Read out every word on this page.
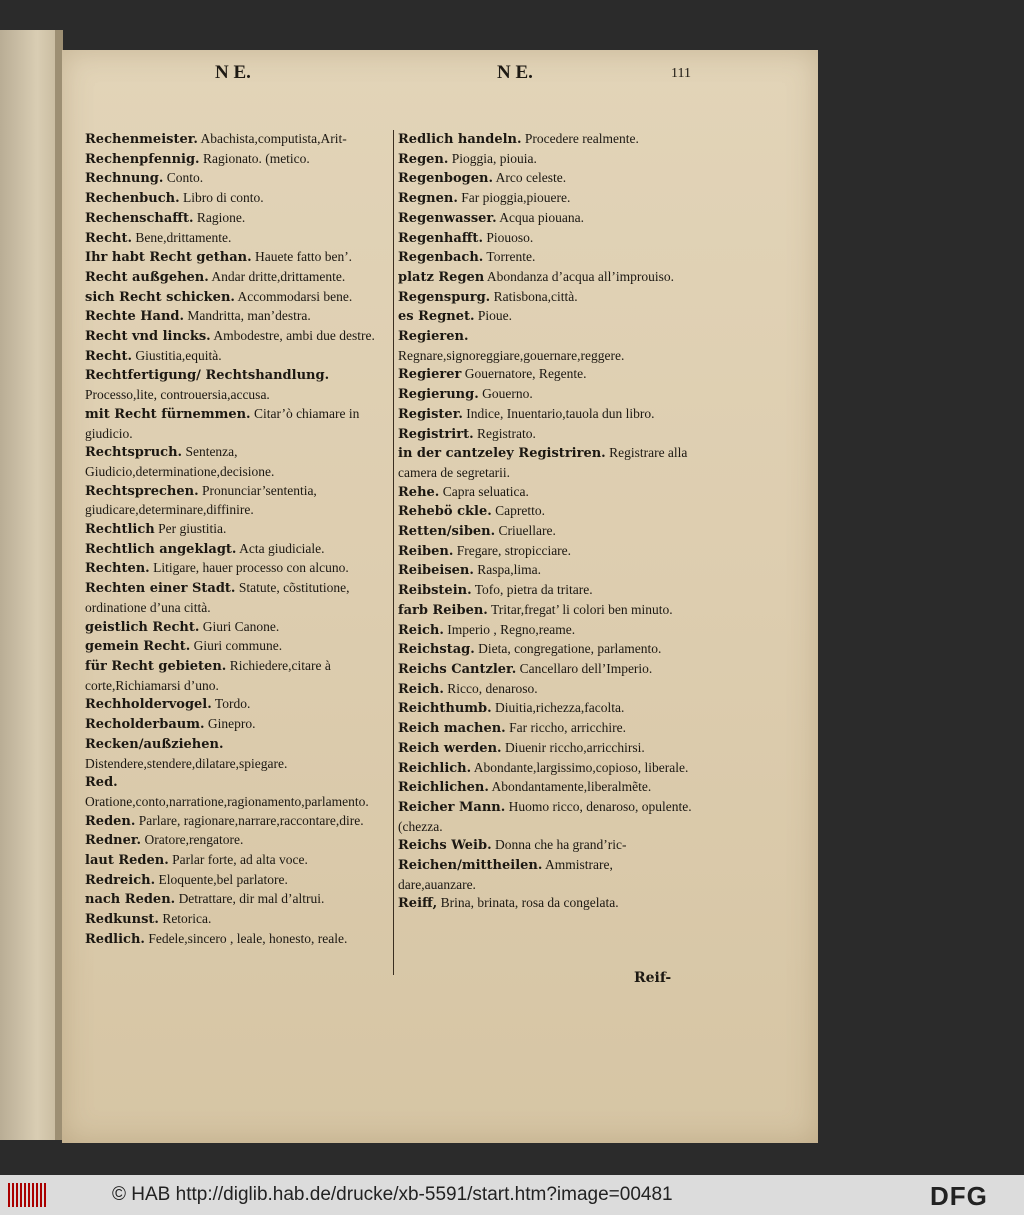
N E.	N E.	111
Rechenmeister. Abachista,computista,Arit-
Rechenpfennig. Ragionato. (metico.
Rechnung. Conto.
Rechenbuch. Libro di conto.
Rechenschafft. Ragione.
Recht. Bene,drittamente.
Ihr habt Recht gethan. Hauete fatto ben’.
Recht außgehen. Andar dritte,drittamente.
sich Recht schicken. Accommodarsi bene.
Rechte Hand. Mandritta, man’destra.
Recht vnd lincks. Ambodestre, ambi due destre.
Recht. Giustitia,equità.
Rechtfertigung/ Rechtshandlung. Processo,lite, controuersia,accusa.
mit Recht fürnemmen. Citar’ò chiamare in giudicio.
Rechtspruch. Sentenza, Giudicio,determinatione,decisione.
Rechtsprechen. Pronunciar’sententia, giudicare,determinare,diffinire.
Rechtlich Per giustitia.
Rechtlich angeklagt. Acta giudiciale.
Rechten. Litigare, hauer processo con alcuno.
Rechten einer Stadt. Statute, cõstitutione, ordinatione d’una città.
geistlich Recht. Giuri Canone.
gemein Recht. Giuri commune.
für Recht gebieten. Richiedere,citare à corte,Richiamarsi d’uno.
Rechholdervogel. Tordo.
Recholderbaum. Ginepro.
Recken/außziehen. Distendere,stendere,dilatare,spiegare.
Red. Oratione,conto,narratione,ragionamento,parlamento.
Reden. Parlare, ragionare,narrare,raccontare,dire.
Redner. Oratore,rengatore.
laut Reden. Parlar forte, ad alta voce.
Redreich. Eloquente,bel parlatore.
nach Reden. Detrattare, dir mal d’altrui.
Redkunst. Retorica.
Redlich. Fedele,sincero , leale, honesto, reale.
Redlich handeln. Procedere realmente.
Regen. Pioggia, piouia.
Regenbogen. Arco celeste.
Regnen. Far pioggia,piouere.
Regenwasser. Acqua piouana.
Regenhafft. Piouoso.
Regenbach. Torrente.
platz Regen Abondanza d’acqua all’improuiso.
Regenspurg. Ratisbona,città.
es Regnet. Pioue.
Regieren. Regnare,signoreggiare,gouernare,reggere.
Regierer Gouernatore, Regente.
Regierung. Gouerno.
Register. Indice, Inuentario,tauola dun libro.
Registrirt. Registrato.
in der cantzeley Registriren. Registrare alla camera de segretarii.
Rehe. Capra seluatica.
Rehebö ckle. Capretto.
Retten/siben. Criuellare.
Reiben. Fregare, stropicciare.
Reibeisen. Raspa,lima.
Reibstein. Tofo, pietra da tritare.
farb Reiben. Tritar,fregat’ li colori ben minuto.
Reich. Imperio , Regno,reame.
Reichstag. Dieta, congregatione, parlamento.
Reichs Cantzler. Cancellaro dell’Imperio.
Reich. Ricco, denaroso.
Reichthumb. Diuitia,richezza,facolta.
Reich machen. Far riccho, arricchire.
Reich werden. Diuenir riccho,arricchirsi.
Reichlich. Abondante,largissimo,copioso, liberale.
Reichlichen. Abondantamente,liberalmẽte.
Reicher Mann. Huomo ricco, denaroso, opulente. (chezza.
Reichs Weib. Donna che ha grand’ric-
Reichen/mittheilen. Ammistrare, dare,auanzare.
Reiff, Brina, brinata, rosa da congelata.
Reif-
© HAB http://diglib.hab.de/drucke/xb-5591/start.htm?image=00481	DFG
